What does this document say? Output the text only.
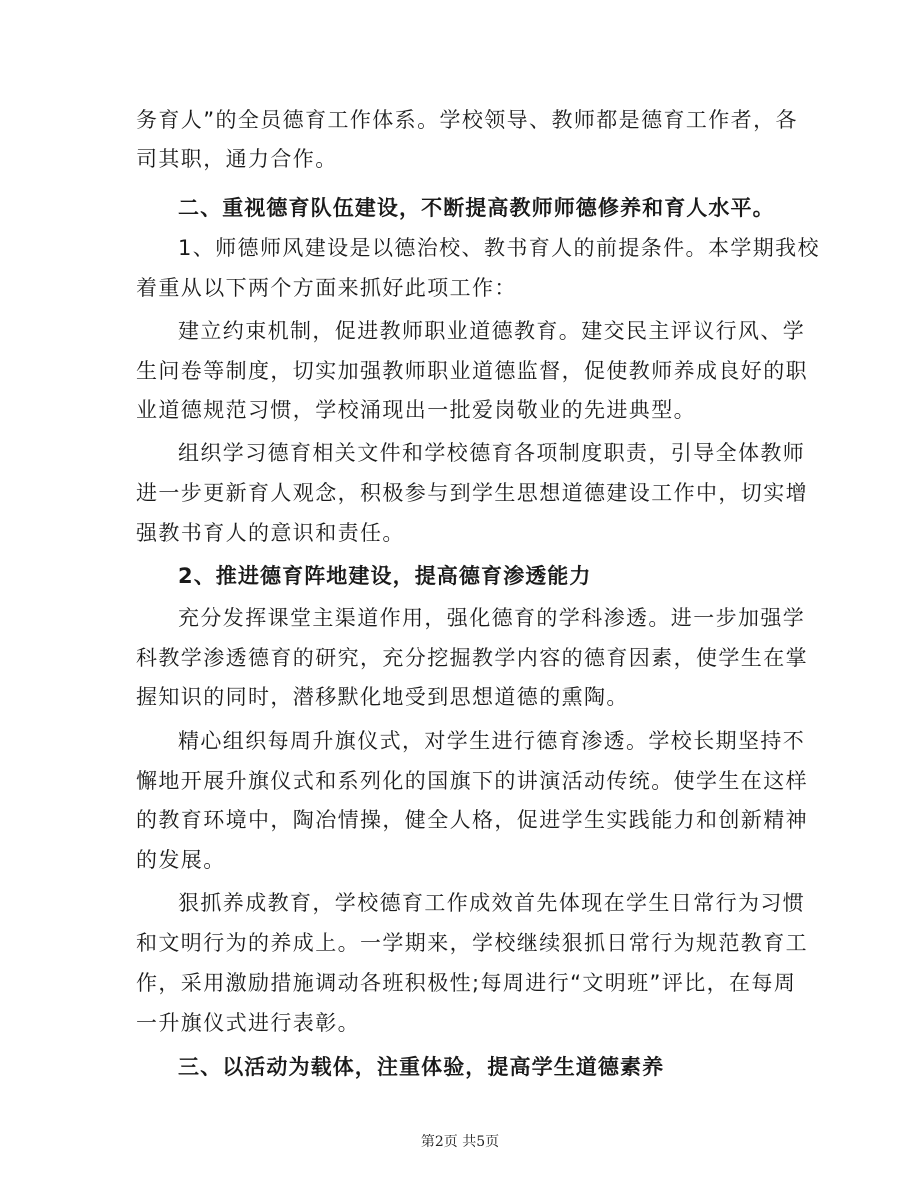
务育人”的全员德育工作体系。学校领导、教师都是德育工作者，各
司其职，通力合作。
二、重视德育队伍建设，不断提高教师师德修养和育人水平。
1、师德师风建设是以德治校、教书育人的前提条件。本学期我校
着重从以下两个方面来抓好此项工作：
建立约束机制，促进教师职业道德教育。建交民主评议行风、学
生问卷等制度，切实加强教师职业道德监督，促使教师养成良好的职
业道德规范习惯，学校涌现出一批爱岗敬业的先进典型。
组织学习德育相关文件和学校德育各项制度职责，引导全体教师
进一步更新育人观念，积极参与到学生思想道德建设工作中，切实增
强教书育人的意识和责任。
2、推进德育阵地建设，提高德育渗透能力
充分发挥课堂主渠道作用，强化德育的学科渗透。进一步加强学
科教学渗透德育的研究，充分挖掘教学内容的德育因素，使学生在掌
握知识的同时，潜移默化地受到思想道德的熏陶。
精心组织每周升旗仪式，对学生进行德育渗透。学校长期坚持不
懈地开展升旗仪式和系列化的国旗下的讲演活动传统。使学生在这样
的教育环境中，陶冶情操，健全人格，促进学生实践能力和创新精神
的发展。
狠抓养成教育，学校德育工作成效首先体现在学生日常行为习惯
和文明行为的养成上。一学期来，学校继续狠抓日常行为规范教育工
作，采用激励措施调动各班积极性;每周进行“文明班”评比，在每周
一升旗仪式进行表彰。
三、以活动为载体，注重体验，提高学生道德素养
第2页 共5页
